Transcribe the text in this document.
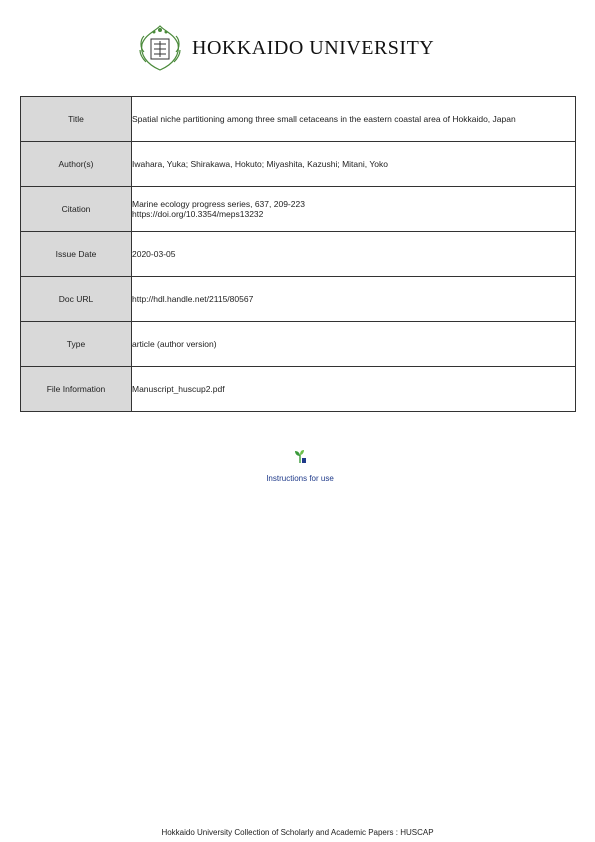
HOKKAIDO UNIVERSITY
Title	Spatial niche partitioning among three small cetaceans in the eastern coastal area of Hokkaido, Japan

Author(s)	Iwahara, Yuka; Shirakawa, Hokuto; Miyashita, Kazushi; Mitani, Yoko

Citation	Marine ecology progress series, 637, 209-223
https://doi.org/10.3354/meps13232

Issue Date	2020-03-05

Doc URL	http://hdl.handle.net/2115/80567

Type	article (author version)

File Information	Manuscript_huscup2.pdf
Instructions for use
Hokkaido University Collection of Scholarly and Academic Papers : HUSCAP
